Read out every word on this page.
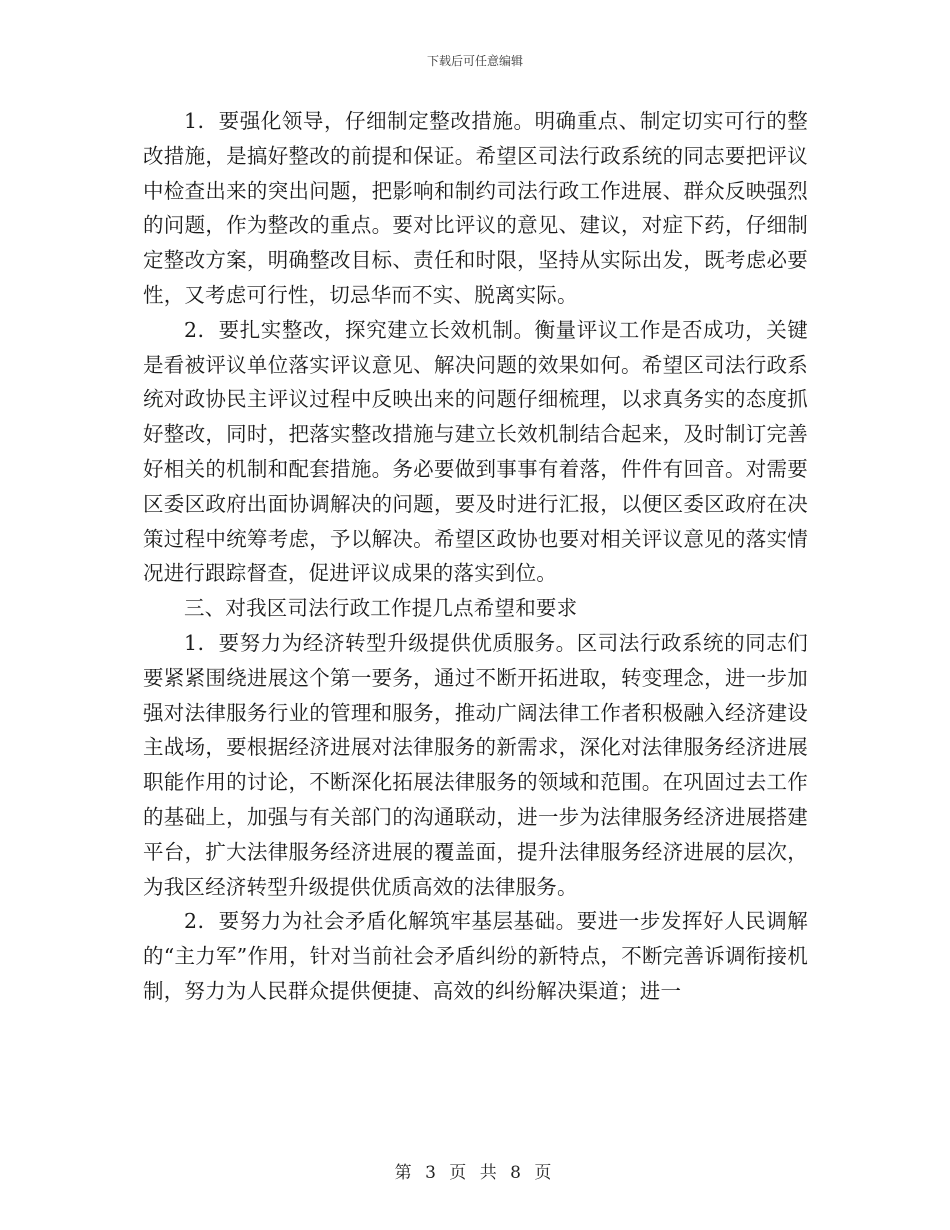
下载后可任意编辑

1．要强化领导，仔细制定整改措施。明确重点、制定切实可行的整改措施，是搞好整改的前提和保证。希望区司法行政系统的同志要把评议中检查出来的突出问题，把影响和制约司法行政工作进展、群众反映强烈的问题，作为整改的重点。要对比评议的意见、建议，对症下药，仔细制定整改方案，明确整改目标、责任和时限，坚持从实际出发，既考虑必要性，又考虑可行性，切忌华而不实、脱离实际。

2．要扎实整改，探究建立长效机制。衡量评议工作是否成功，关键是看被评议单位落实评议意见、解决问题的效果如何。希望区司法行政系统对政协民主评议过程中反映出来的问题仔细梳理，以求真务实的态度抓好整改，同时，把落实整改措施与建立长效机制结合起来，及时制订完善好相关的机制和配套措施。务必要做到事事有着落，件件有回音。对需要区委区政府出面协调解决的问题，要及时进行汇报，以便区委区政府在决策过程中统筹考虑，予以解决。希望区政协也要对相关评议意见的落实情况进行跟踪督查，促进评议成果的落实到位。

三、对我区司法行政工作提几点希望和要求

1．要努力为经济转型升级提供优质服务。区司法行政系统的同志们要紧紧围绕进展这个第一要务，通过不断开拓进取，转变理念，进一步加强对法律服务行业的管理和服务，推动广阔法律工作者积极融入经济建设主战场，要根据经济进展对法律服务的新需求，深化对法律服务经济进展职能作用的讨论，不断深化拓展法律服务的领域和范围。在巩固过去工作的基础上，加强与有关部门的沟通联动，进一步为法律服务经济进展搭建平台，扩大法律服务经济进展的覆盖面，提升法律服务经济进展的层次，为我区经济转型升级提供优质高效的法律服务。

2．要努力为社会矛盾化解筑牢基层基础。要进一步发挥好人民调解的“主力军”作用，针对当前社会矛盾纠纷的新特点，不断完善诉调衔接机制，努力为人民群众提供便捷、高效的纠纷解决渠道；进一

第 3 页 共 8 页
